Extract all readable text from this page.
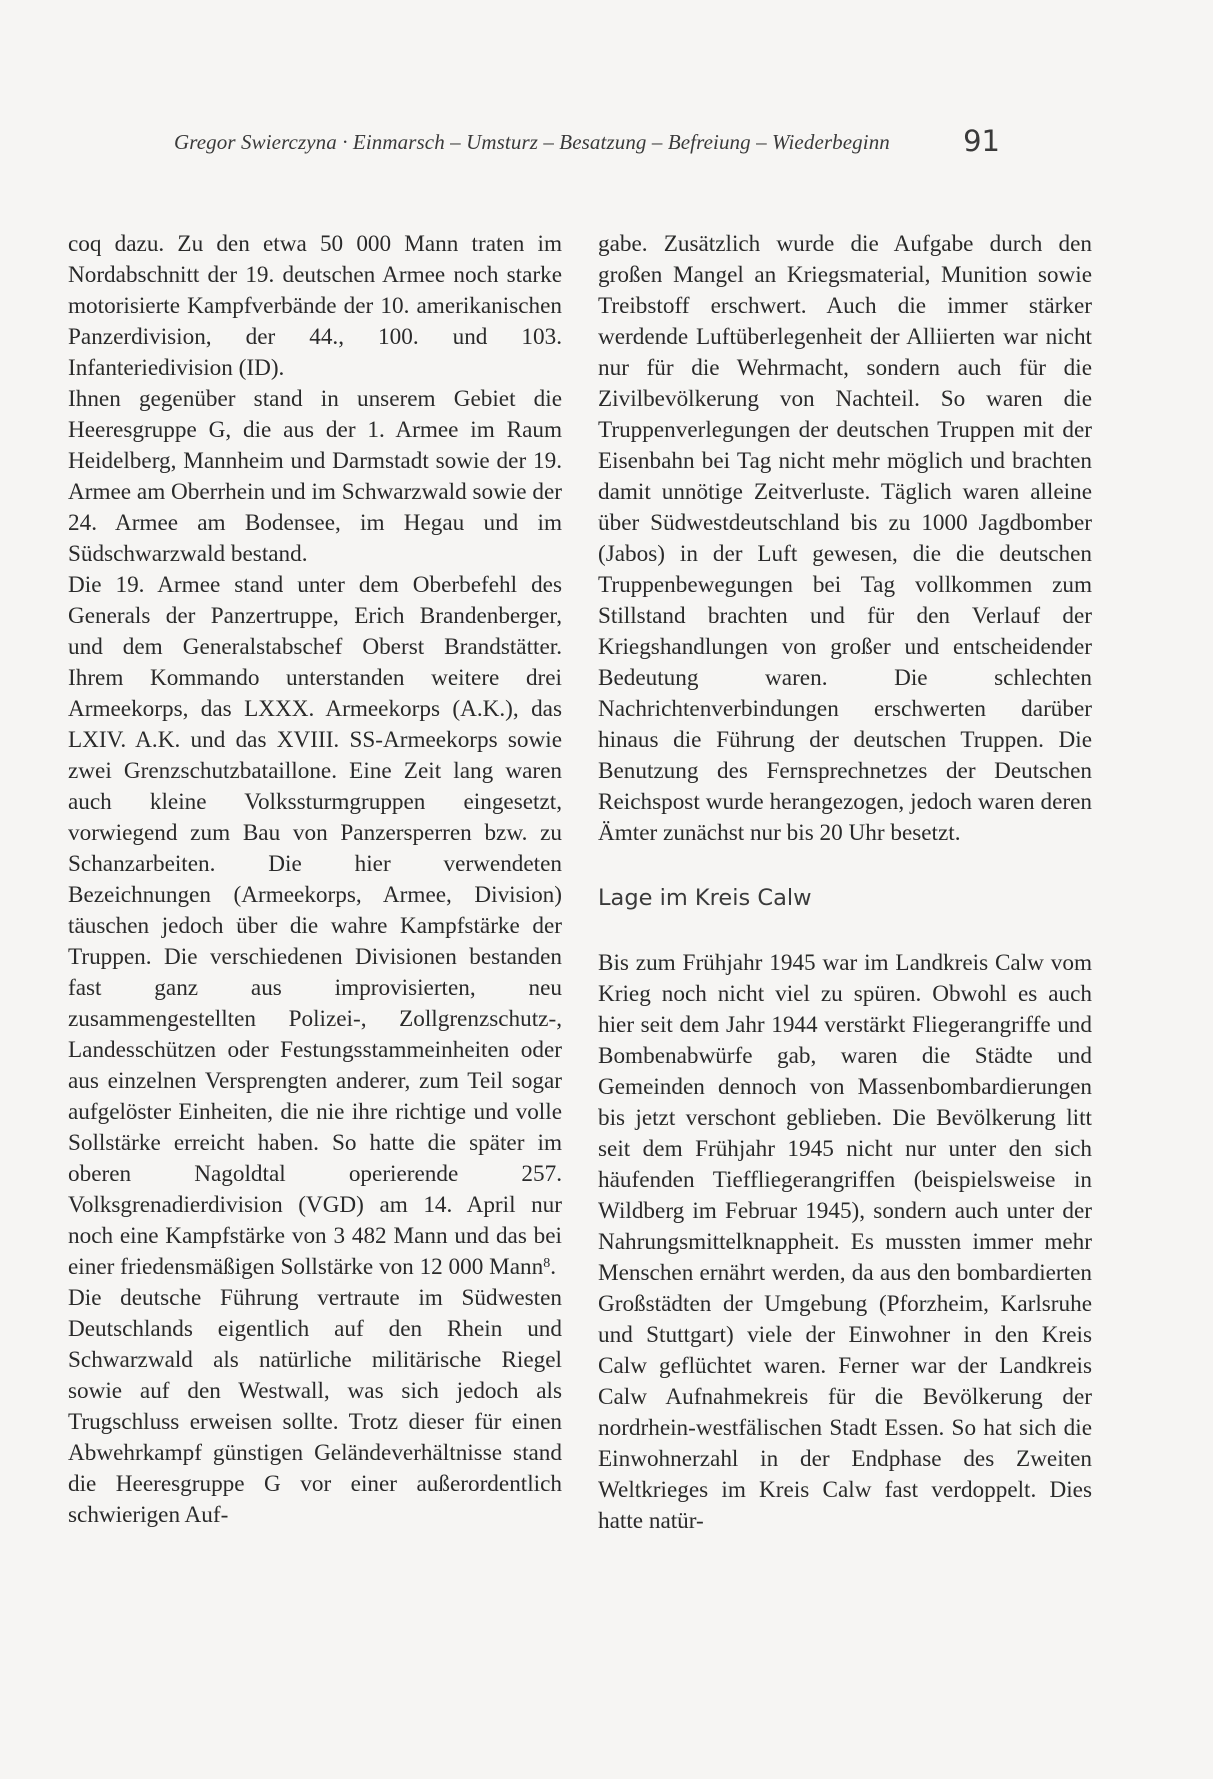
Gregor Swierczyna · Einmarsch – Umsturz – Besatzung – Befreiung – Wiederbeginn	91

coq dazu. Zu den etwa 50 000 Mann traten im Nordabschnitt der 19. deutschen Armee noch starke motorisierte Kampfverbände der 10. amerikanischen Panzerdivision, der 44., 100. und 103. Infanteriedivision (ID).

Ihnen gegenüber stand in unserem Gebiet die Heeresgruppe G, die aus der 1. Armee im Raum Heidelberg, Mannheim und Darmstadt sowie der 19. Armee am Oberrhein und im Schwarzwald sowie der 24. Armee am Bodensee, im Hegau und im Südschwarzwald bestand.

Die 19. Armee stand unter dem Oberbefehl des Generals der Panzertruppe, Erich Brandenberger, und dem Generalstabschef Oberst Brandstätter. Ihrem Kommando unterstanden weitere drei Armeekorps, das LXXX. Armeekorps (A.K.), das LXIV. A.K. und das XVIII. SS-Armeekorps sowie zwei Grenzschutzbataillone. Eine Zeit lang waren auch kleine Volkssturmgruppen eingesetzt, vorwiegend zum Bau von Panzersperren bzw. zu Schanzarbeiten. Die hier verwendeten Bezeichnungen (Armeekorps, Armee, Division) täuschen jedoch über die wahre Kampfstärke der Truppen. Die verschiedenen Divisionen bestanden fast ganz aus improvisierten, neu zusammengestellten Polizei-, Zollgrenzschutz-, Landesschützen oder Festungsstammeinheiten oder aus einzelnen Versprengten anderer, zum Teil sogar aufgelöster Einheiten, die nie ihre richtige und volle Sollstärke erreicht haben. So hatte die später im oberen Nagoldtal operierende 257. Volksgrenadierdivision (VGD) am 14. April nur noch eine Kampfstärke von 3 482 Mann und das bei einer friedensmäßigen Sollstärke von 12 000 Mann$^8$.

Die deutsche Führung vertraute im Südwesten Deutschlands eigentlich auf den Rhein und Schwarzwald als natürliche militärische Riegel sowie auf den Westwall, was sich jedoch als Trugschluss erweisen sollte. Trotz dieser für einen Abwehrkampf günstigen Geländeverhältnisse stand die Heeresgruppe G vor einer außerordentlich schwierigen Auf-

gabe. Zusätzlich wurde die Aufgabe durch den großen Mangel an Kriegsmaterial, Munition sowie Treibstoff erschwert. Auch die immer stärker werdende Luftüberlegenheit der Alliierten war nicht nur für die Wehrmacht, sondern auch für die Zivilbevölkerung von Nachteil. So waren die Truppenverlegungen der deutschen Truppen mit der Eisenbahn bei Tag nicht mehr möglich und brachten damit unnötige Zeitverluste. Täglich waren alleine über Südwestdeutschland bis zu 1000 Jagdbomber (Jabos) in der Luft gewesen, die die deutschen Truppenbewegungen bei Tag vollkommen zum Stillstand brachten und für den Verlauf der Kriegshandlungen von großer und entscheidender Bedeutung waren. Die schlechten Nachrichtenverbindungen erschwerten darüber hinaus die Führung der deutschen Truppen. Die Benutzung des Fernsprechnetzes der Deutschen Reichspost wurde herangezogen, jedoch waren deren Ämter zunächst nur bis 20 Uhr besetzt.

Lage im Kreis Calw

Bis zum Frühjahr 1945 war im Landkreis Calw vom Krieg noch nicht viel zu spüren. Obwohl es auch hier seit dem Jahr 1944 verstärkt Fliegerangriffe und Bombenabwürfe gab, waren die Städte und Gemeinden dennoch von Massenbombardierungen bis jetzt verschont geblieben. Die Bevölkerung litt seit dem Frühjahr 1945 nicht nur unter den sich häufenden Tieffliegerangriffen (beispielsweise in Wildberg im Februar 1945), sondern auch unter der Nahrungsmittelknappheit. Es mussten immer mehr Menschen ernährt werden, da aus den bombardierten Großstädten der Umgebung (Pforzheim, Karlsruhe und Stuttgart) viele der Einwohner in den Kreis Calw geflüchtet waren. Ferner war der Landkreis Calw Aufnahmekreis für die Bevölkerung der nordrhein-westfälischen Stadt Essen. So hat sich die Einwohnerzahl in der Endphase des Zweiten Weltkrieges im Kreis Calw fast verdoppelt. Dies hatte natür-
